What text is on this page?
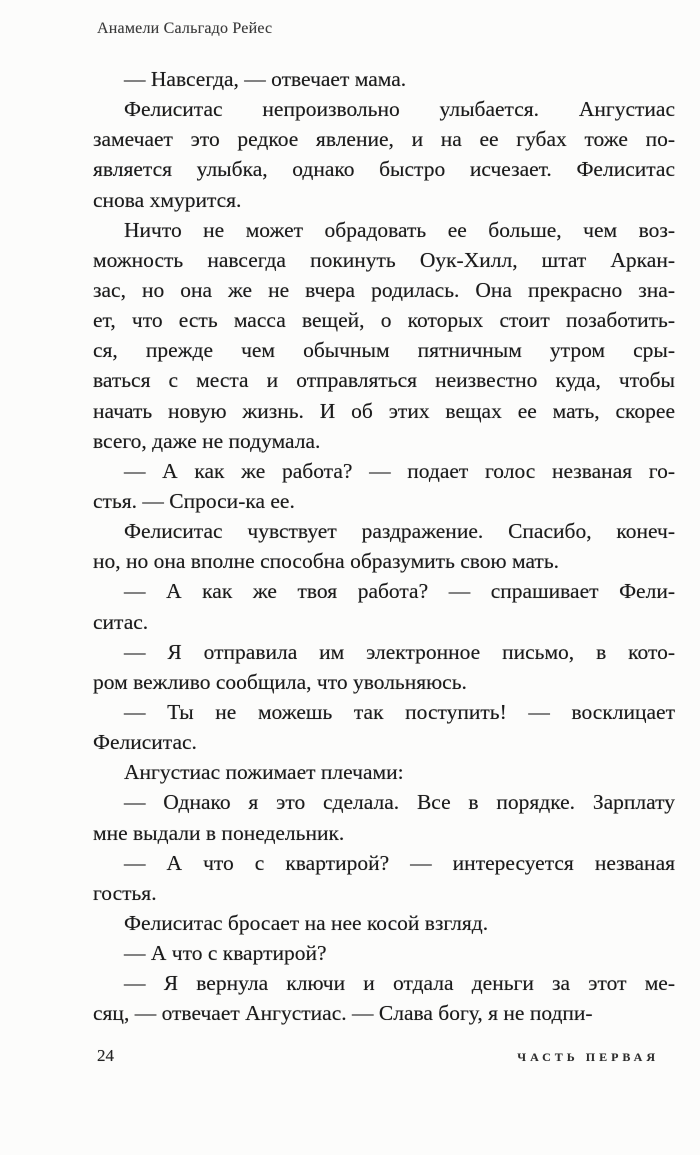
Анамели Сальгадо Рейес
— Навсегда, — отвечает мама.
Фелиситас непроизвольно улыбается. Ангустиас
замечает это редкое явление, и на ее губах тоже по-
является улыбка, однако быстро исчезает. Фелиситас
снова хмурится.
Ничто не может обрадовать ее больше, чем воз-
можность навсегда покинуть Оук-Хилл, штат Аркан-
зас, но она же не вчера родилась. Она прекрасно зна-
ет, что есть масса вещей, о которых стоит позаботить-
ся, прежде чем обычным пятничным утром сры-
ваться с места и отправляться неизвестно куда, чтобы
начать новую жизнь. И об этих вещах ее мать, скорее
всего, даже не подумала.
— А как же работа? — подает голос незваная го-
стья. — Спроси-ка ее.
Фелиситас чувствует раздражение. Спасибо, конеч-
но, но она вполне способна образумить свою мать.
— А как же твоя работа? — спрашивает Фели-
ситас.
— Я отправила им электронное письмо, в кото-
ром вежливо сообщила, что увольняюсь.
— Ты не можешь так поступить! — восклицает
Фелиситас.
Ангустиас пожимает плечами:
— Однако я это сделала. Все в порядке. Зарплату
мне выдали в понедельник.
— А что с квартирой? — интересуется незваная
гостья.
Фелиситас бросает на нее косой взгляд.
— А что с квартирой?
— Я вернула ключи и отдала деньги за этот ме-
сяц, — отвечает Ангустиас. — Слава богу, я не подпи-
24	ЧАСТЬ ПЕРВАЯ
